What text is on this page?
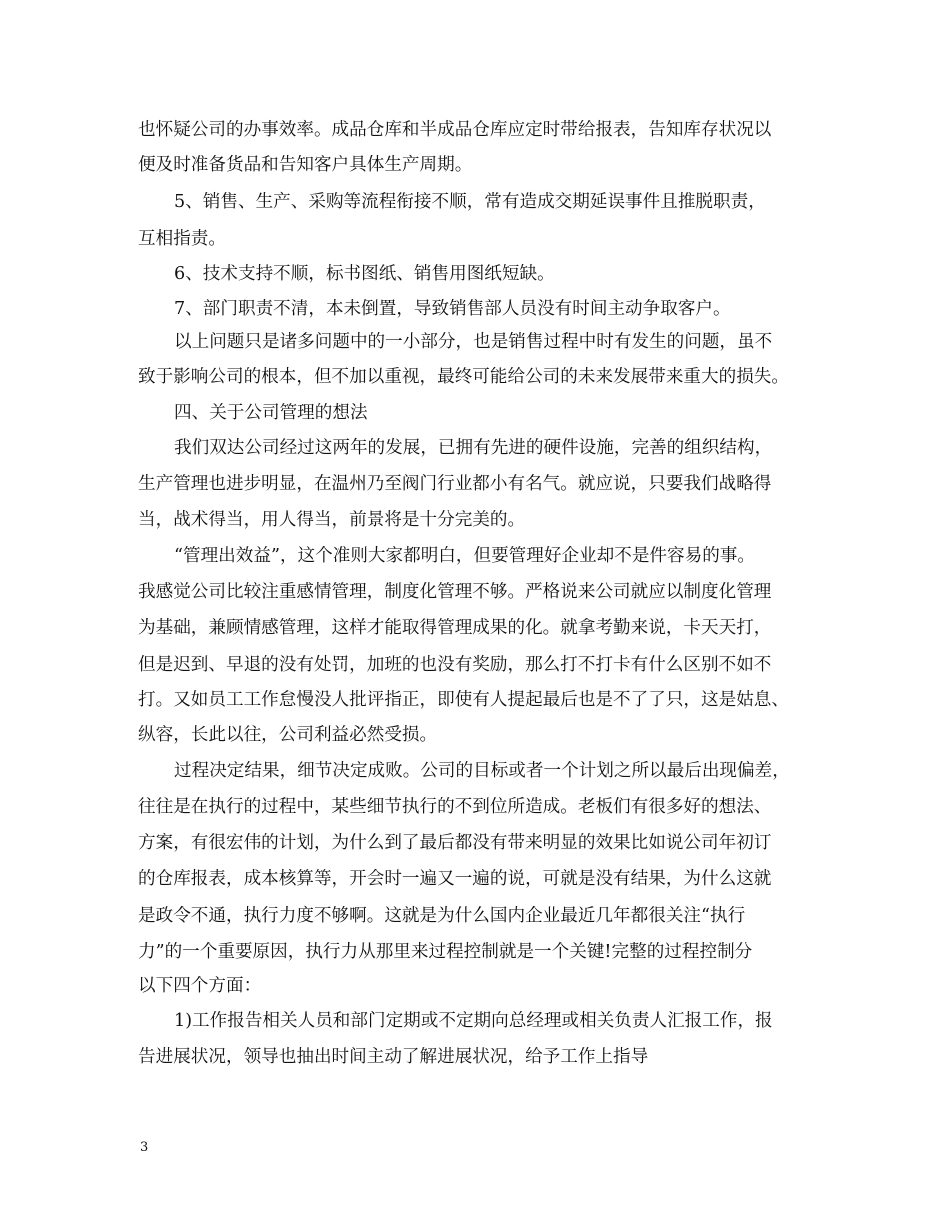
也怀疑公司的办事效率。成品仓库和半成品仓库应定时带给报表，告知库存状况以
便及时准备货品和告知客户具体生产周期。
5、销售、生产、采购等流程衔接不顺，常有造成交期延误事件且推脱职责，
互相指责。
6、技术支持不顺，标书图纸、销售用图纸短缺。
7、部门职责不清，本未倒置，导致销售部人员没有时间主动争取客户。
以上问题只是诸多问题中的一小部分，也是销售过程中时有发生的问题，虽不
致于影响公司的根本，但不加以重视，最终可能给公司的未来发展带来重大的损失。
四、关于公司管理的想法
我们双达公司经过这两年的发展，已拥有先进的硬件设施，完善的组织结构，
生产管理也进步明显，在温州乃至阀门行业都小有名气。就应说，只要我们战略得
当，战术得当，用人得当，前景将是十分完美的。
“管理出效益”，这个准则大家都明白，但要管理好企业却不是件容易的事。
我感觉公司比较注重感情管理，制度化管理不够。严格说来公司就应以制度化管理
为基础，兼顾情感管理，这样才能取得管理成果的化。就拿考勤来说，卡天天打，
但是迟到、早退的没有处罚，加班的也没有奖励，那么打不打卡有什么区别不如不
打。又如员工工作怠慢没人批评指正，即使有人提起最后也是不了了只，这是姑息、
纵容，长此以往，公司利益必然受损。
过程决定结果，细节决定成败。公司的目标或者一个计划之所以最后出现偏差，
往往是在执行的过程中，某些细节执行的不到位所造成。老板们有很多好的想法、
方案，有很宏伟的计划，为什么到了最后都没有带来明显的效果比如说公司年初订
的仓库报表，成本核算等，开会时一遍又一遍的说，可就是没有结果，为什么这就
是政令不通，执行力度不够啊。这就是为什么国内企业最近几年都很关注“执行
力”的一个重要原因，执行力从那里来过程控制就是一个关键!完整的过程控制分
以下四个方面：
1)工作报告相关人员和部门定期或不定期向总经理或相关负责人汇报工作，报
告进展状况，领导也抽出时间主动了解进展状况，给予工作上指导
3
